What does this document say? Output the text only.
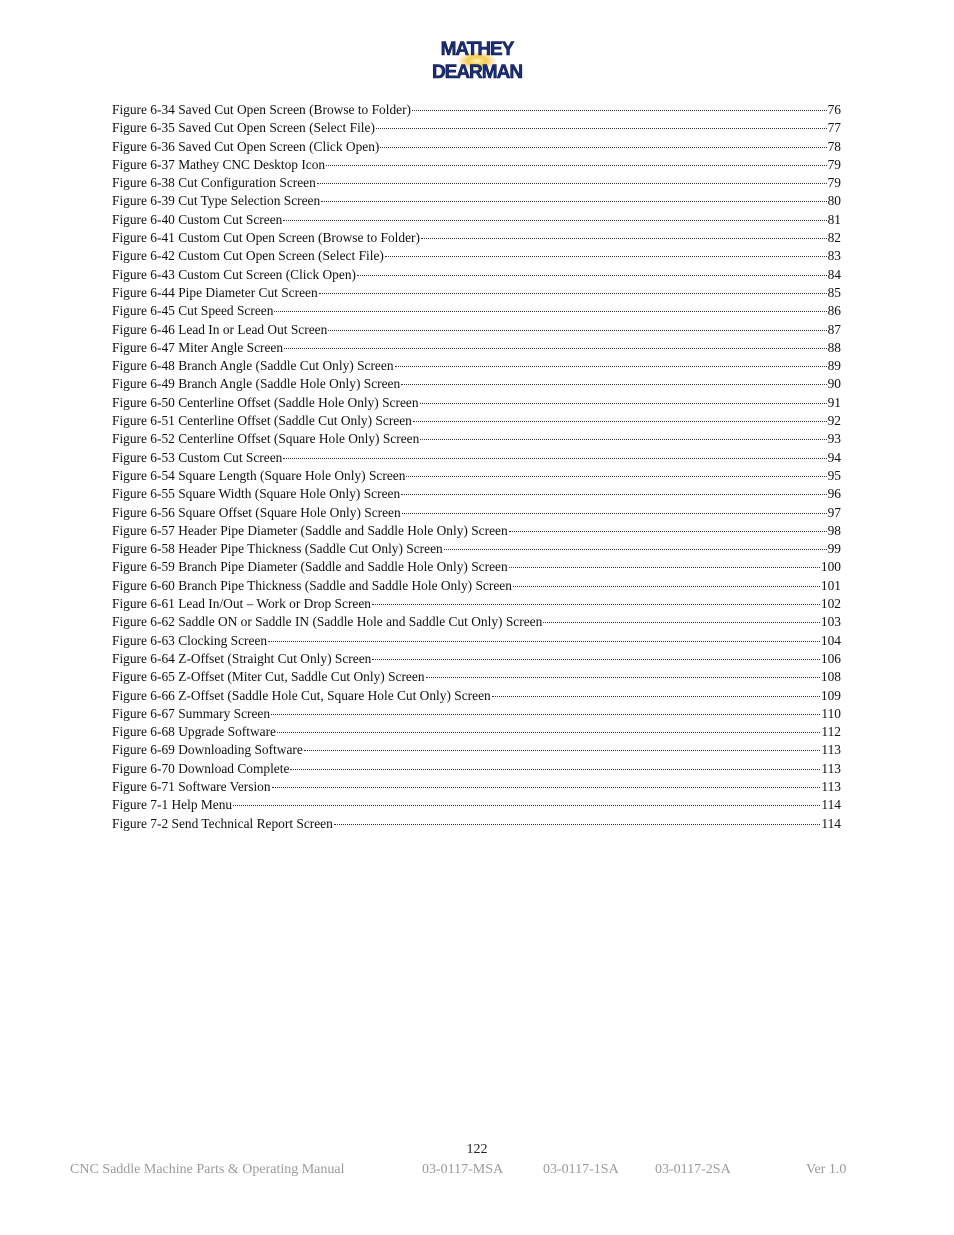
MATHEY
DEARMAN
Figure 6-34 Saved Cut Open Screen (Browse to Folder)	76
Figure 6-35 Saved Cut Open Screen (Select File)	77
Figure 6-36 Saved Cut Open Screen (Click Open)	78
Figure 6-37 Mathey CNC Desktop Icon	79
Figure 6-38 Cut Configuration Screen	79
Figure 6-39 Cut Type Selection Screen	80
Figure 6-40 Custom Cut Screen	81
Figure 6-41 Custom Cut Open Screen (Browse to Folder)	82
Figure 6-42 Custom Cut Open Screen (Select File)	83
Figure 6-43 Custom Cut Screen (Click Open)	84
Figure 6-44 Pipe Diameter Cut Screen	85
Figure 6-45 Cut Speed Screen	86
Figure 6-46 Lead In or Lead Out Screen	87
Figure 6-47 Miter Angle Screen	88
Figure 6-48 Branch Angle (Saddle Cut Only) Screen	89
Figure 6-49 Branch Angle (Saddle Hole Only) Screen	90
Figure 6-50 Centerline Offset (Saddle Hole Only) Screen	91
Figure 6-51 Centerline Offset (Saddle Cut Only) Screen	92
Figure 6-52 Centerline Offset (Square Hole Only) Screen	93
Figure 6-53 Custom Cut Screen	94
Figure 6-54 Square Length (Square Hole Only) Screen	95
Figure 6-55 Square Width (Square Hole Only) Screen	96
Figure 6-56 Square Offset (Square Hole Only) Screen	97
Figure 6-57 Header Pipe Diameter (Saddle and Saddle Hole Only) Screen	98
Figure 6-58 Header Pipe Thickness (Saddle Cut Only) Screen	99
Figure 6-59 Branch Pipe Diameter (Saddle and Saddle Hole Only) Screen	100
Figure 6-60 Branch Pipe Thickness (Saddle and Saddle Hole Only) Screen	101
Figure 6-61 Lead In/Out – Work or Drop Screen	102
Figure 6-62 Saddle ON or Saddle IN (Saddle Hole and Saddle Cut Only) Screen	103
Figure 6-63 Clocking Screen	104
Figure 6-64 Z-Offset (Straight Cut Only) Screen	106
Figure 6-65 Z-Offset (Miter Cut, Saddle Cut Only) Screen	108
Figure 6-66 Z-Offset (Saddle Hole Cut, Square Hole Cut Only) Screen	109
Figure 6-67 Summary Screen	110
Figure 6-68 Upgrade Software	112
Figure 6-69 Downloading Software	113
Figure 6-70 Download Complete	113
Figure 6-71 Software Version	113
Figure 7-1 Help Menu	114
Figure 7-2 Send Technical Report Screen	114
122
CNC Saddle Machine Parts & Operating Manual	03-0117-MSA	03-0117-1SA	03-0117-2SA	Ver 1.0
